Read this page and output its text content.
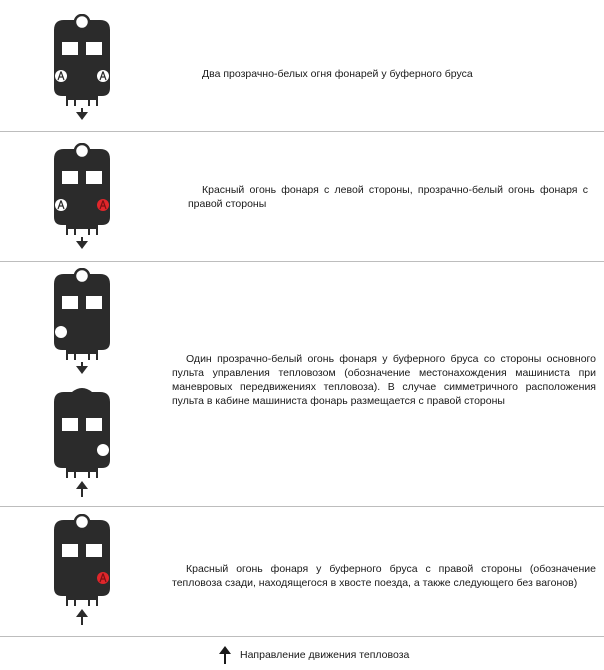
Два прозрачно-белых огня фонарей у буферного бруса

Красный огонь фонаря с левой стороны, прозрачно-белый огонь фонаря с правой стороны

Один прозрачно-белый огонь фонаря у буферного бруса со стороны основного пульта управления тепловозом (обозначение местонахождения машиниста при маневровых передвижениях тепловоза). В случае симметричного расположения пульта в кабине машиниста фонарь размещается с правой стороны

Красный огонь фонаря у буферного бруса с правой стороны (обозначение тепловоза сзади, находящегося в хвосте поезда, а также следующего без вагонов)

Направление движения тепловоза
